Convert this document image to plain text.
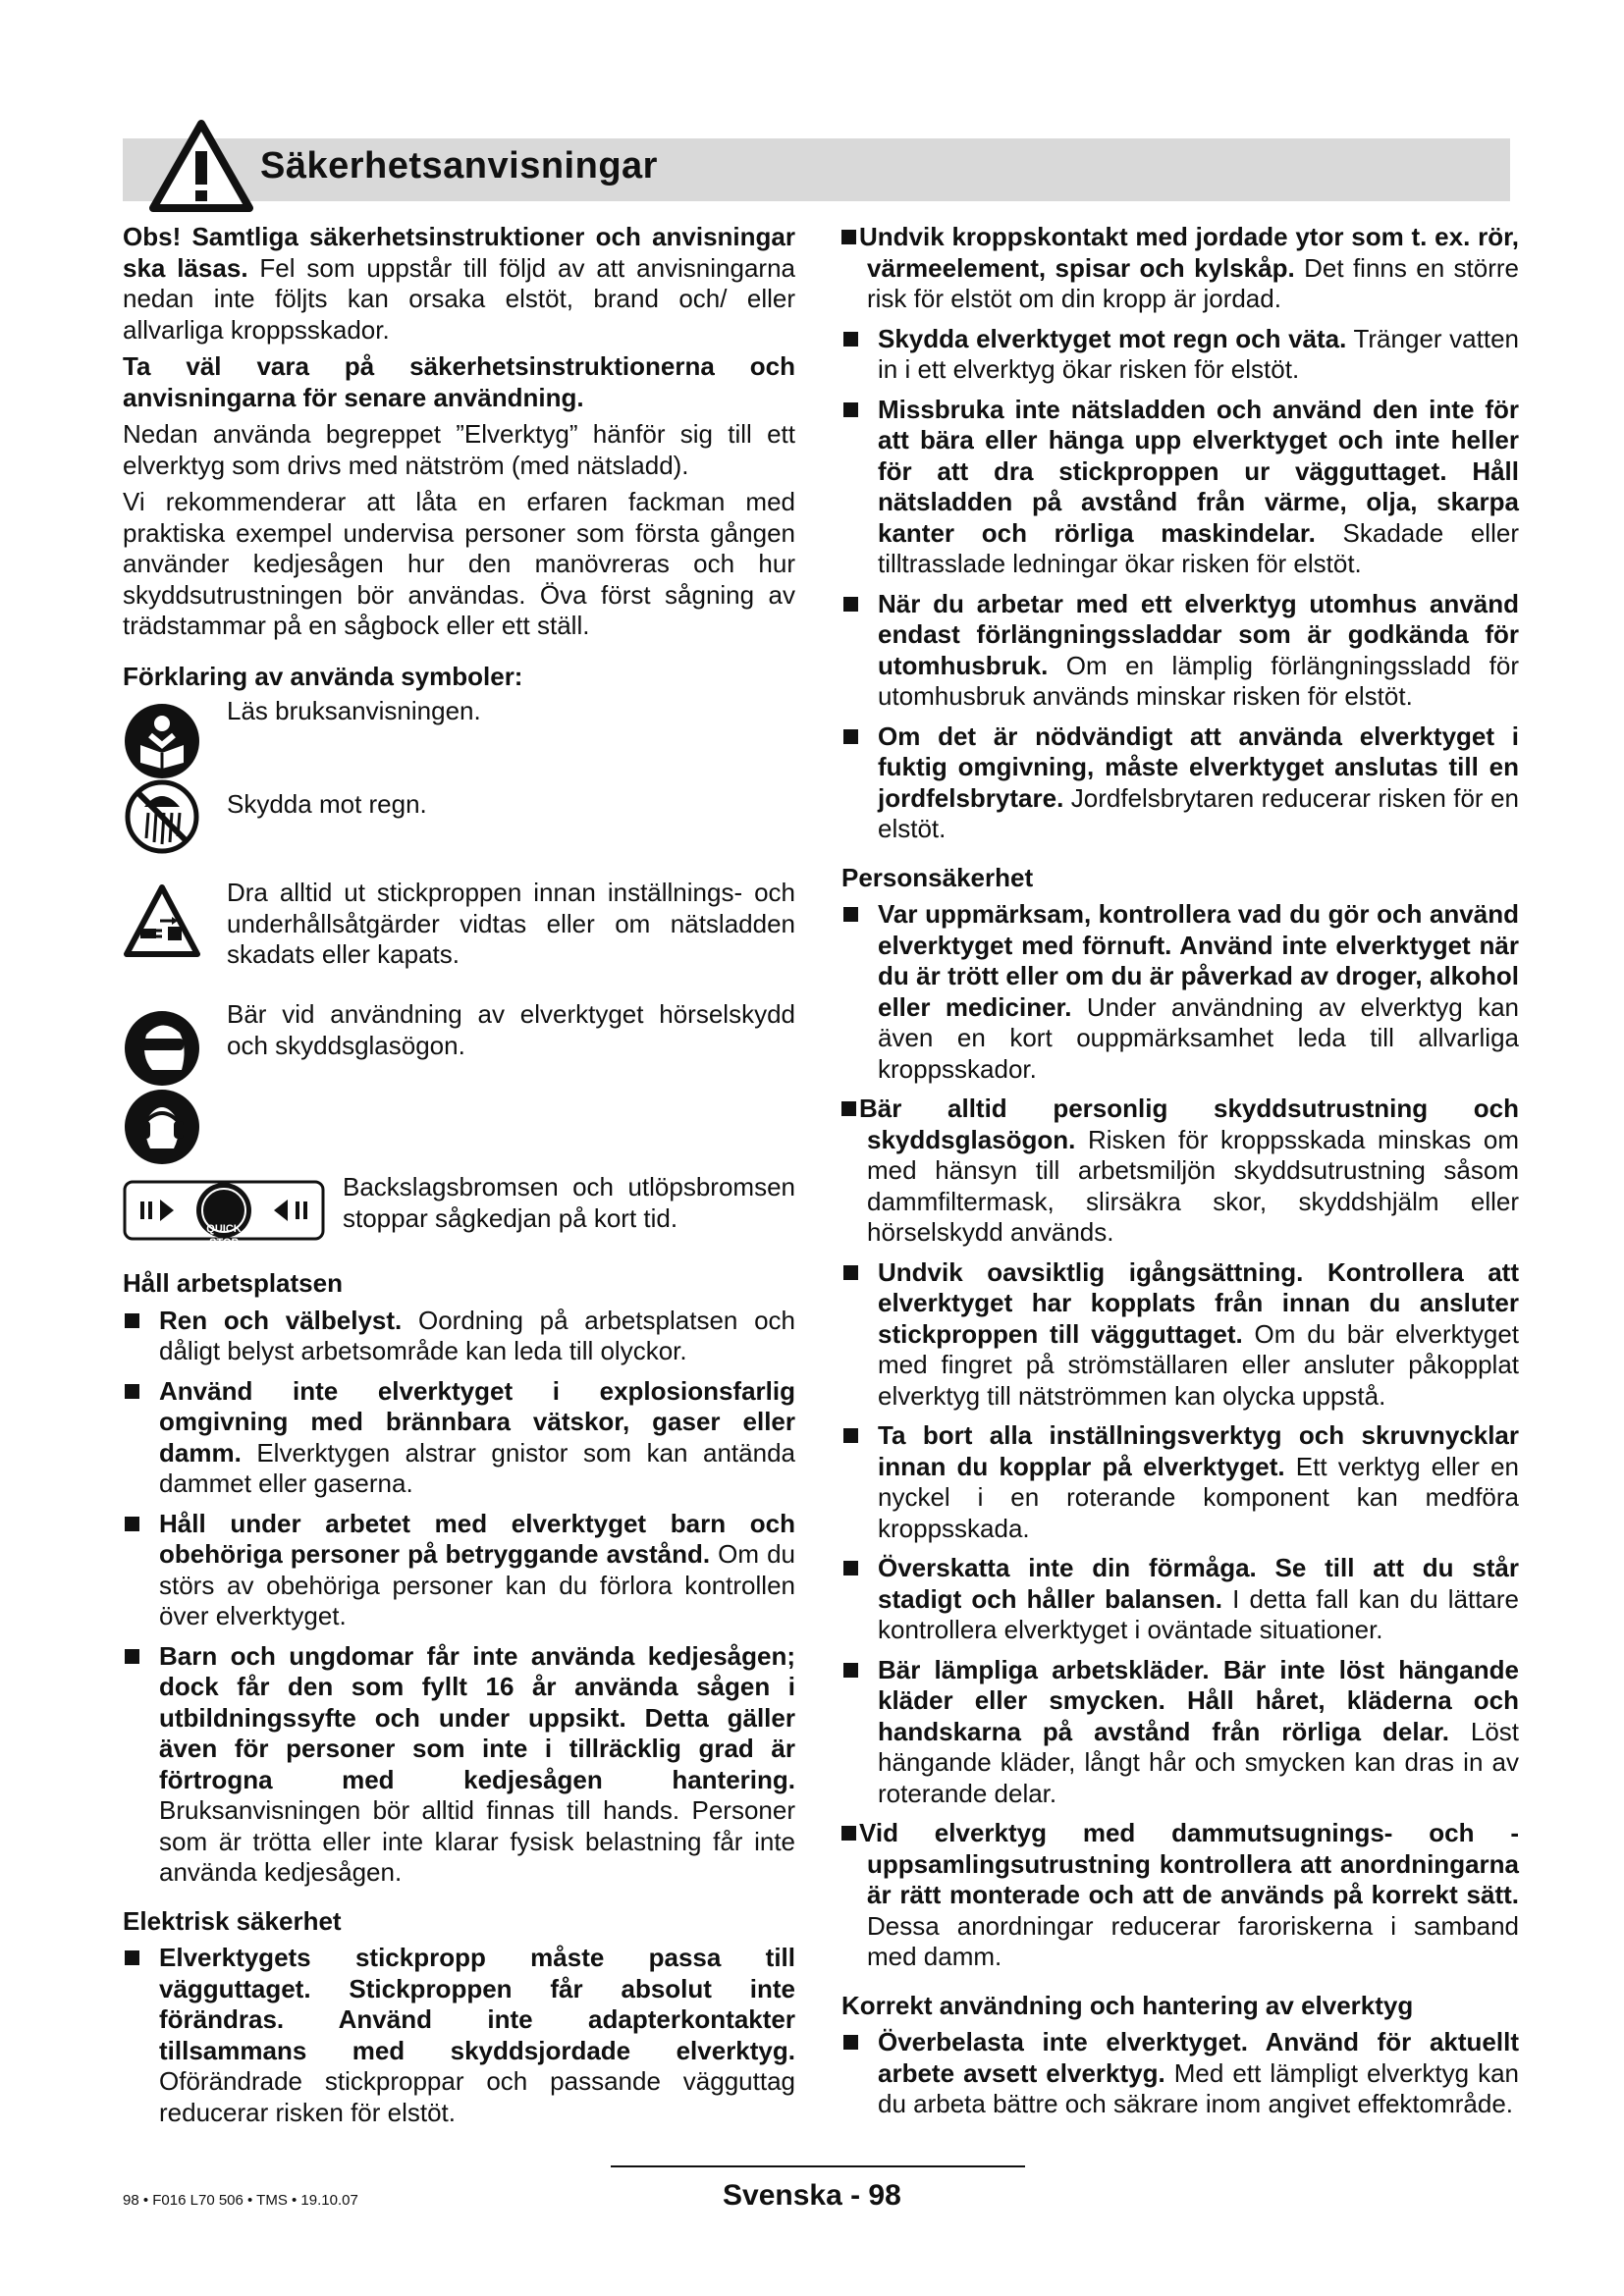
Säkerhetsanvisningar

Obs! Samtliga säkerhetsinstruktioner och anvisningar ska läsas. Fel som uppstår till följd av att anvisningarna nedan inte följts kan orsaka elstöt, brand och/ eller allvarliga kroppsskador.

Ta väl vara på säkerhetsinstruktionerna och anvisningarna för senare användning.

Nedan använda begreppet ”Elverktyg” hänför sig till ett elverktyg som drivs med nätström (med nätsladd).

Vi rekommenderar att låta en erfaren fackman med praktiska exempel undervisa personer som första gången använder kedjesågen hur den manövreras och hur skyddsutrustningen bör användas. Öva först sågning av trädstammar på en sågbock eller ett ställ.

Förklaring av använda symboler:
Läs bruksanvisningen.
Skydda mot regn.
Dra alltid ut stickproppen innan inställnings- och underhållsåtgärder vidtas eller om nätsladden skadats eller kapats.
Bär vid användning av elverktyget hörselskydd och skyddsglasögon.
Backslagsbromsen och utlöpsbromsen stoppar sågkedjan på kort tid.
QUICK STOP
Håll arbetsplatsen
Ren och välbelyst. Oordning på arbetsplatsen och dåligt belyst arbetsområde kan leda till olyckor.
Använd inte elverktyget i explosionsfarlig omgivning med brännbara vätskor, gaser eller damm. Elverktygen alstrar gnistor som kan antända dammet eller gaserna.
Håll under arbetet med elverktyget barn och obehöriga personer på betryggande avstånd. Om du störs av obehöriga personer kan du förlora kontrollen över elverktyget.
Barn och ungdomar får inte använda kedjesågen; dock får den som fyllt 16 år använda sågen i utbildningssyfte och under uppsikt. Detta gäller även för personer som inte i tillräcklig grad är förtrogna med kedjesågen hantering. Bruksanvisningen bör alltid finnas till hands. Personer som är trötta eller inte klarar fysisk belastning får inte använda kedjesågen.
Elektrisk säkerhet
Elverktygets stickpropp måste passa till vägguttaget. Stickproppen får absolut inte förändras. Använd inte adapterkontakter tillsammans med skyddsjordade elverktyg. Oförändrade stickproppar och passande vägguttag reducerar risken för elstöt.
Undvik kroppskontakt med jordade ytor som t. ex. rör, värmeelement, spisar och kylskåp. Det finns en större risk för elstöt om din kropp är jordad.
Skydda elverktyget mot regn och väta. Tränger vatten in i ett elverktyg ökar risken för elstöt.
Missbruka inte nätsladden och använd den inte för att bära eller hänga upp elverktyget och inte heller för att dra stickproppen ur vägguttaget. Håll nätsladden på avstånd från värme, olja, skarpa kanter och rörliga maskindelar. Skadade eller tilltrasslade ledningar ökar risken för elstöt.
När du arbetar med ett elverktyg utomhus använd endast förlängningssladdar som är godkända för utomhusbruk. Om en lämplig förlängningssladd för utomhusbruk används minskar risken för elstöt.
Om det är nödvändigt att använda elverktyget i fuktig omgivning, måste elverktyget anslutas till en jordfelsbrytare. Jordfelsbrytaren reducerar risken för en elstöt.
Personsäkerhet
Var uppmärksam, kontrollera vad du gör och använd elverktyget med förnuft. Använd inte elverktyget när du är trött eller om du är påverkad av droger, alkohol eller mediciner. Under användning av elverktyg kan även en kort ouppmärksamhet leda till allvarliga kroppsskador.
Bär alltid personlig skyddsutrustning och skyddsglasögon. Risken för kroppsskada minskas om med hänsyn till arbetsmiljön skyddsutrustning såsom dammfiltermask, slirsäkra skor, skyddshjälm eller hörselskydd används.
Undvik oavsiktlig igångsättning. Kontrollera att elverktyget har kopplats från innan du ansluter stickproppen till vägguttaget. Om du bär elverktyget med fingret på strömställaren eller ansluter påkopplat elverktyg till nätströmmen kan olycka uppstå.
Ta bort alla inställningsverktyg och skruvnycklar innan du kopplar på elverktyget. Ett verktyg eller en nyckel i en roterande komponent kan medföra kroppsskada.
Överskatta inte din förmåga. Se till att du står stadigt och håller balansen. I detta fall kan du lättare kontrollera elverktyget i oväntade situationer.
Bär lämpliga arbetskläder. Bär inte löst hängande kläder eller smycken. Håll håret, kläderna och handskarna på avstånd från rörliga delar. Löst hängande kläder, långt hår och smycken kan dras in av roterande delar.
Vid elverktyg med dammutsugnings- och -uppsamlingsutrustning kontrollera att anordningarna är rätt monterade och att de används på korrekt sätt. Dessa anordningar reducerar faroriskerna i samband med damm.
Korrekt användning och hantering av elverktyg
Överbelasta inte elverktyget. Använd för aktuellt arbete avsett elverktyg. Med ett lämpligt elverktyg kan du arbeta bättre och säkrare inom angivet effektområde.
98 • F016 L70 506 • TMS • 19.10.07	Svenska - 98
